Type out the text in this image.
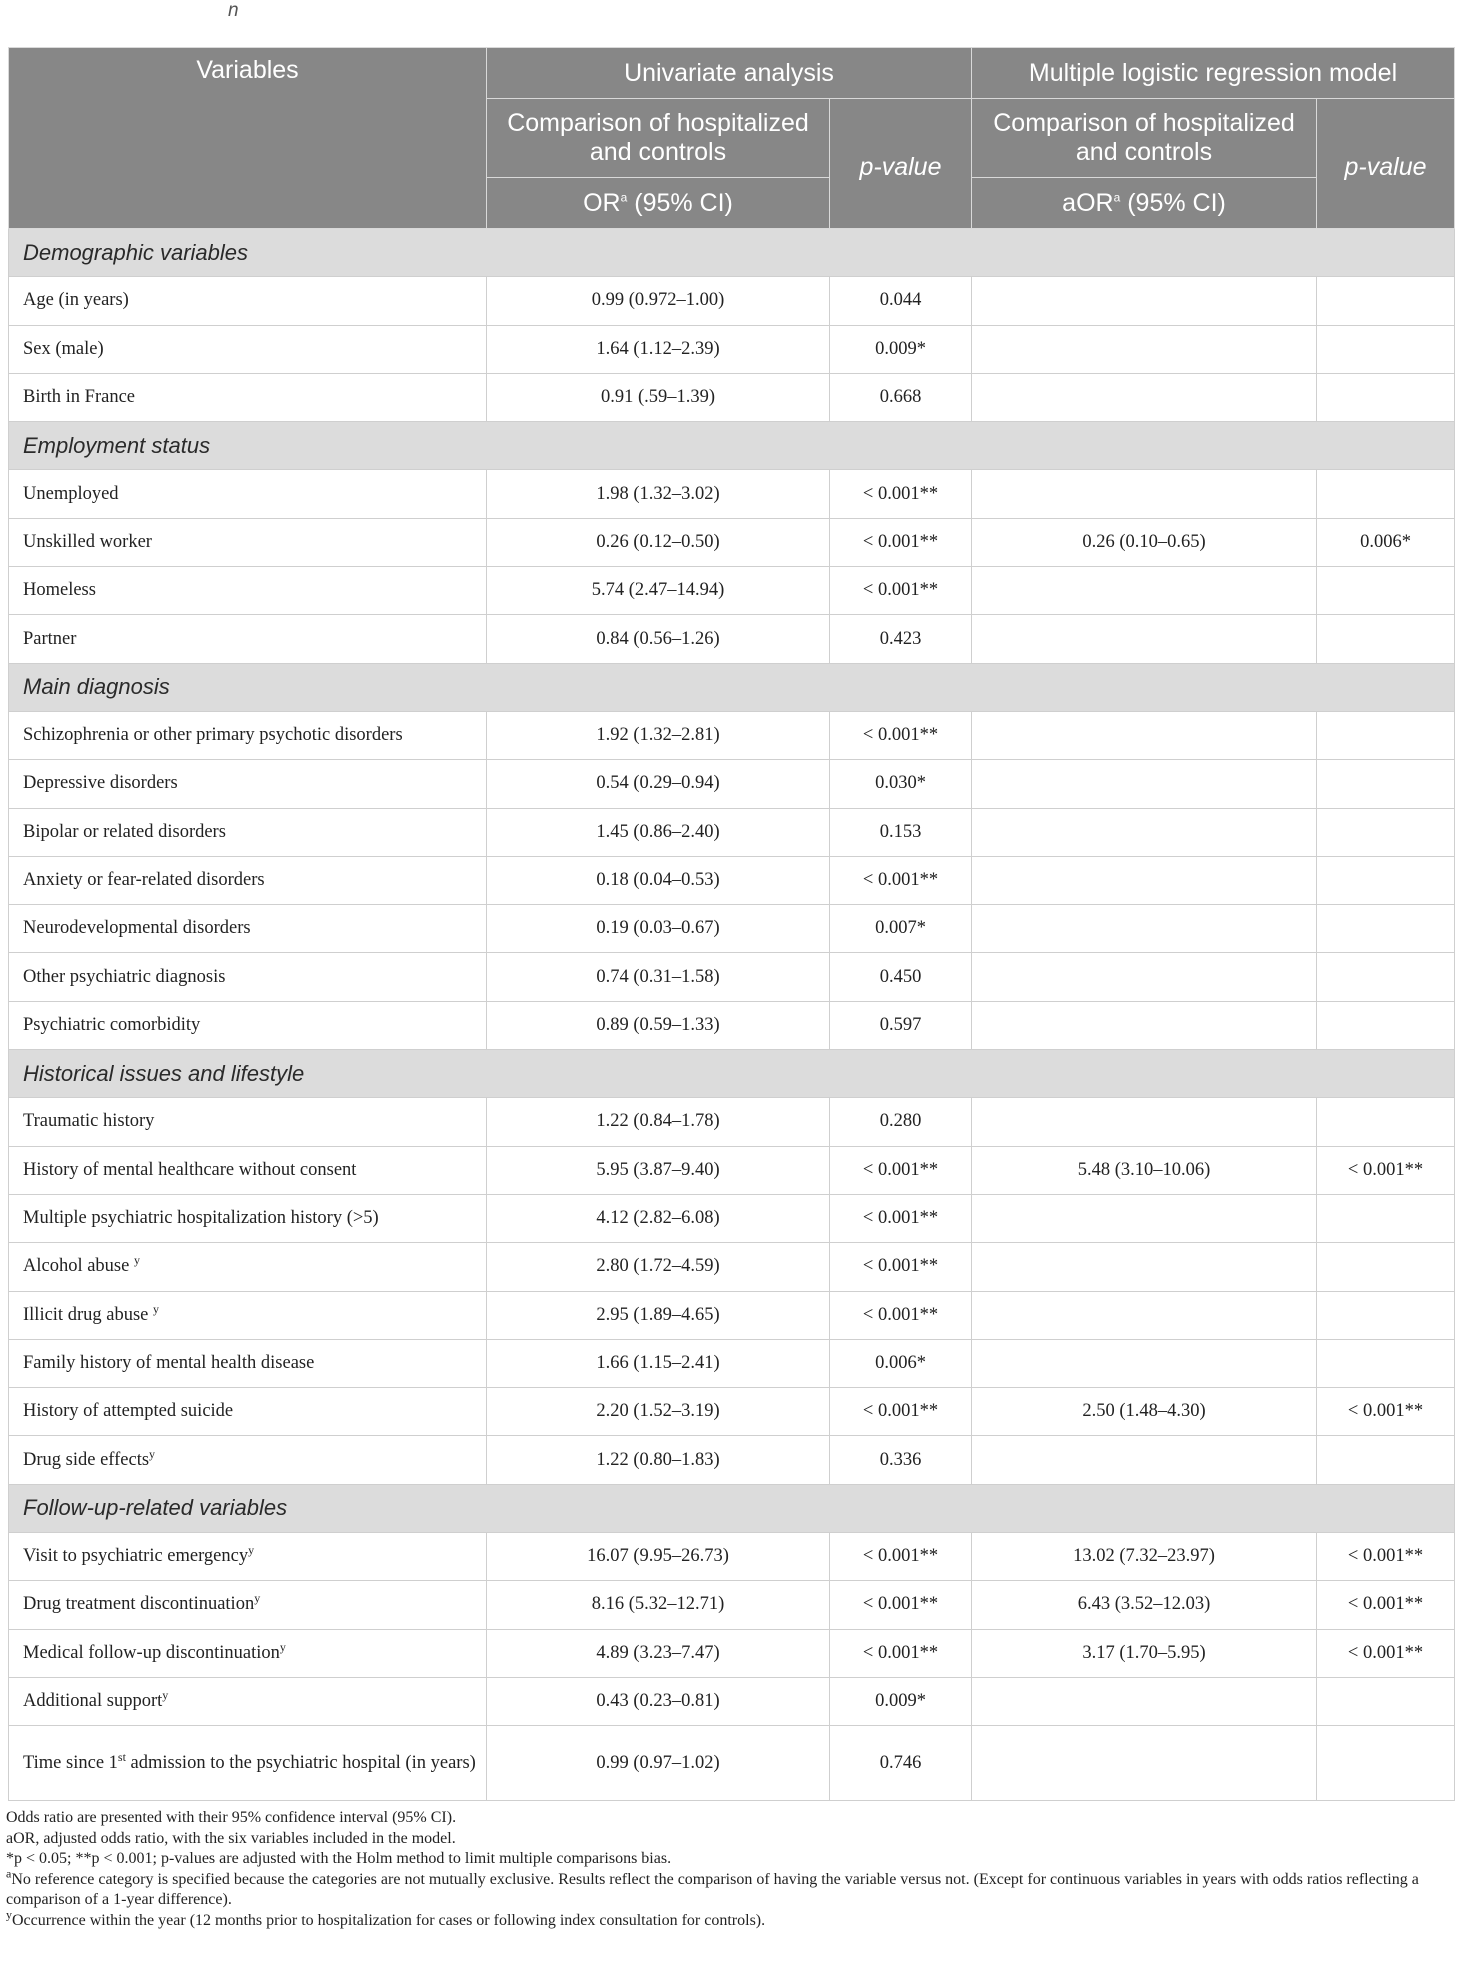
n
Variables	Univariate analysis		Multiple logistic regression model	
	Comparison of hospitalized and controls	p-value	Comparison of hospitalized and controls	p-value
	$OR^a$ (95% CI)		aOR$^a$ (95% CI)	
Demographic variables				
Age (in years)	0.99 (0.972–1.00)	0.044		
Sex (male)	1.64 (1.12–2.39)	0.009*		
Birth in France	0.91 (.59–1.39)	0.668		
Employment status				
Unemployed	1.98 (1.32–3.02)	< 0.001**		
Unskilled worker	0.26 (0.12–0.50)	< 0.001**	0.26 (0.10–0.65)	0.006*
Homeless	5.74 (2.47–14.94)	< 0.001**		
Partner	0.84 (0.56–1.26)	0.423		
Main diagnosis				
Schizophrenia or other primary psychotic disorders	1.92 (1.32–2.81)	< 0.001**		
Depressive disorders	0.54 (0.29–0.94)	0.030*		
Bipolar or related disorders	1.45 (0.86–2.40)	0.153		
Anxiety or fear-related disorders	0.18 (0.04–0.53)	< 0.001**		
Neurodevelopmental disorders	0.19 (0.03–0.67)	0.007*		
Other psychiatric diagnosis	0.74 (0.31–1.58)	0.450		
Psychiatric comorbidity	0.89 (0.59–1.33)	0.597		
Historical issues and lifestyle				
Traumatic history	1.22 (0.84–1.78)	0.280		
History of mental healthcare without consent	5.95 (3.87–9.40)	< 0.001**	5.48 (3.10–10.06)	< 0.001**
Multiple psychiatric hospitalization history (>5)	4.12 (2.82–6.08)	< 0.001**		
Alcohol abuse $^y$	2.80 (1.72–4.59)	< 0.001**		
Illicit drug abuse $^y$	2.95 (1.89–4.65)	< 0.001**		
Family history of mental health disease	1.66 (1.15–2.41)	0.006*		
History of attempted suicide	2.20 (1.52–3.19)	< 0.001**	2.50 (1.48–4.30)	< 0.001**
Drug side effects$^y$	1.22 (0.80–1.83)	0.336		
Follow-up-related variables				
Visit to psychiatric emergency$^y$	16.07 (9.95–26.73)	< 0.001**	13.02 (7.32–23.97)	< 0.001**
Drug treatment discontinuation$^y$	8.16 (5.32–12.71)	< 0.001**	6.43 (3.52–12.03)	< 0.001**
Medical follow-up discontinuation$^y$	4.89 (3.23–7.47)	< 0.001**	3.17 (1.70–5.95)	< 0.001**
Additional support$^y$	0.43 (0.23–0.81)	0.009*		
Time since 1st admission to the psychiatric hospital (in years)	0.99 (0.97–1.02)	0.746		

Odds ratio are presented with their 95% confidence interval (95% CI).

aOR, adjusted odds ratio, with the six variables included in the model.

*p < 0.05; **p < 0.001; p-values are adjusted with the Holm method to limit multiple comparisons bias.

$^a$No reference category is specified because the categories are not mutually exclusive. Results reflect the comparison of having the variable versus not. (Except for continuous variables in years with odds ratios reflecting a comparison of a 1-year difference).

$^y$Occurrence within the year (12 months prior to hospitalization for cases or following index consultation for controls).
